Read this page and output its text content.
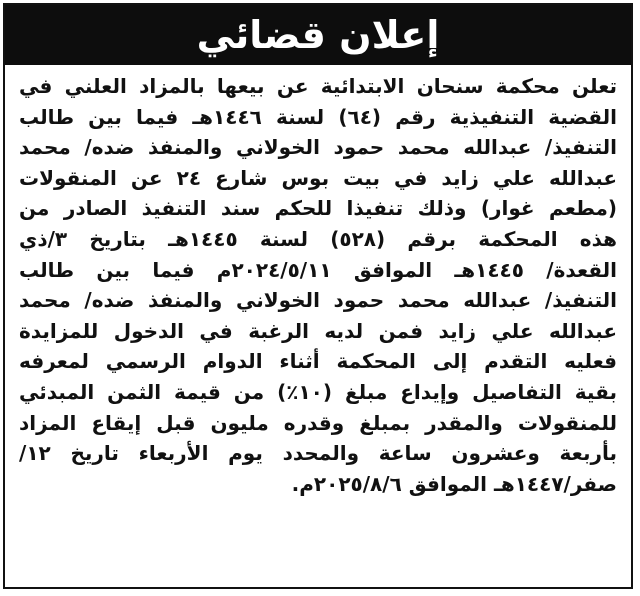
إعلان قضائي
تعلن محكمة سنحان الابتدائية عن بيعها بالمزاد العلني في
القضية التنفيذية رقم (٦٤) لسنة ١٤٤٦هـ فيما بين طالب
التنفيذ/ عبدالله محمد حمود الخولاني والمنفذ ضده/ محمد
عبدالله علي زايد في بيت بوس شارع ٢٤ عن المنقولات
(مطعم غوار) وذلك تنفيذا للحكم سند التنفيذ الصادر من
هذه المحكمة برقم (٥٢٨) لسنة ١٤٤٥هـ بتاريخ ٣/ذي
القعدة/ ١٤٤٥هـ الموافق ٢٠٢٤/٥/١١م فيما بين طالب
التنفيذ/ عبدالله محمد حمود الخولاني والمنفذ ضده/ محمد
عبدالله علي زايد فمن لديه الرغبة في الدخول للمزايدة
فعليه التقدم إلى المحكمة أثناء الدوام الرسمي لمعرفه
بقية التفاصيل وإيداع مبلغ (١٠٪) من قيمة الثمن المبدئي
للمنقولات والمقدر بمبلغ وقدره مليون قبل إيقاع المزاد
بأربعة وعشرون ساعة والمحدد يوم الأربعاء تاريخ ١٢/
صفر/١٤٤٧هـ الموافق ٢٠٢٥/٨/٦م.
